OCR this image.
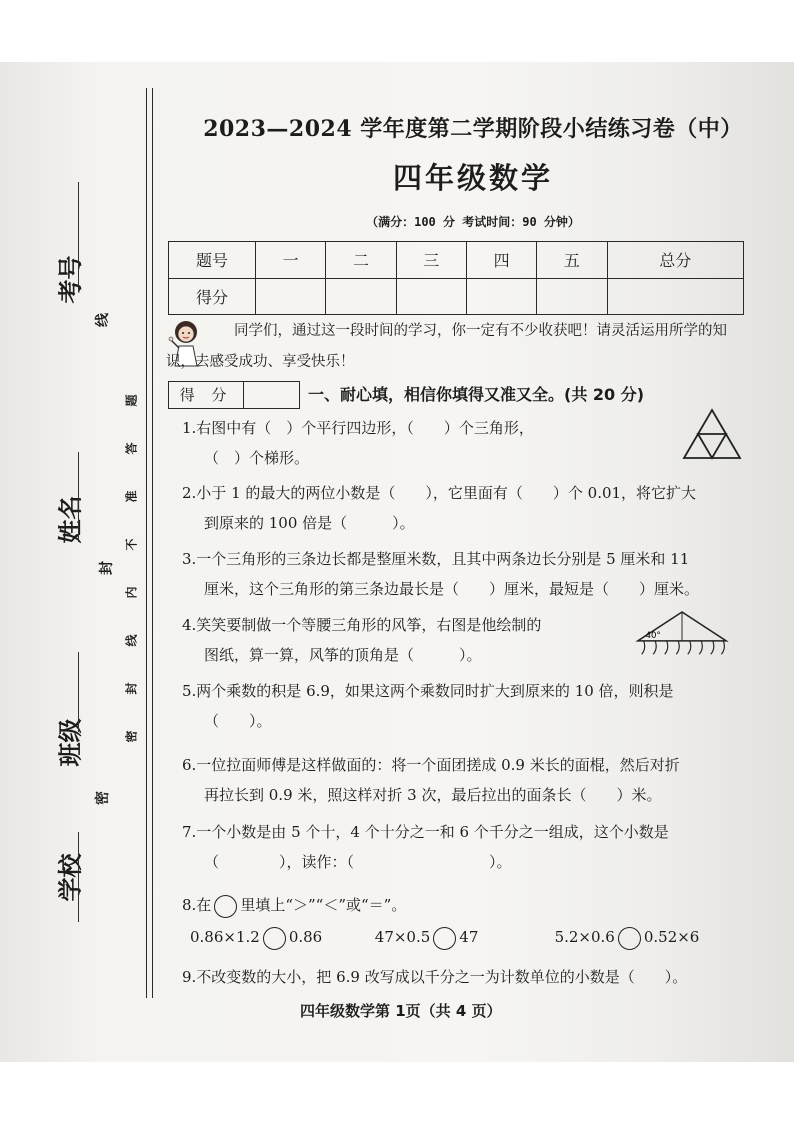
考号
姓名
班级
学校
线
封
密
题
答
准
不
内
线
封
密
2023—2024 学年度第二学期阶段小结练习卷（中）
四年级数学
（满分：100 分 考试时间：90 分钟）
题号	一	二	三	四	五	总分
得分						
同学们，通过这一段时间的学习，你一定有不少收获吧！请灵活运用所学的知识，去感受成功、享受快乐！
得 分	一、耐心填，相信你填得又准又全。(共 20 分)
1.右图中有（　）个平行四边形，（　　）个三角形，
（　）个梯形。
2.小于 1 的最大的两位小数是（　　），它里面有（　　）个 0.01，将它扩大
到原来的 100 倍是（　　　）。
3.一个三角形的三条边长都是整厘米数，且其中两条边长分别是 5 厘米和 11
厘米，这个三角形的第三条边最长是（　　）厘米，最短是（　　）厘米。
4.笑笑要制做一个等腰三角形的风筝，右图是他绘制的
图纸，算一算，风筝的顶角是（　　　）。
40°
5.两个乘数的积是 6.9，如果这两个乘数同时扩大到原来的 10 倍，则积是
（　　）。
6.一位拉面师傅是这样做面的：将一个面团搓成 0.9 米长的面棍，然后对折
再拉长到 0.9 米，照这样对折 3 次，最后拉出的面条长（　　）米。
7.一个小数是由 5 个十，4 个十分之一和 6 个千分之一组成，这个小数是
（　　　　），读作：（　　　　　　　　　）。
8.在 里填上“＞”“＜”或“＝”。
0.86×1.2 0.86	47×0.5 47	5.2×0.6 0.52×6
9.不改变数的大小，把 6.9 改写成以千分之一为计数单位的小数是（　　）。
四年级数学第 1页（共 4 页）
